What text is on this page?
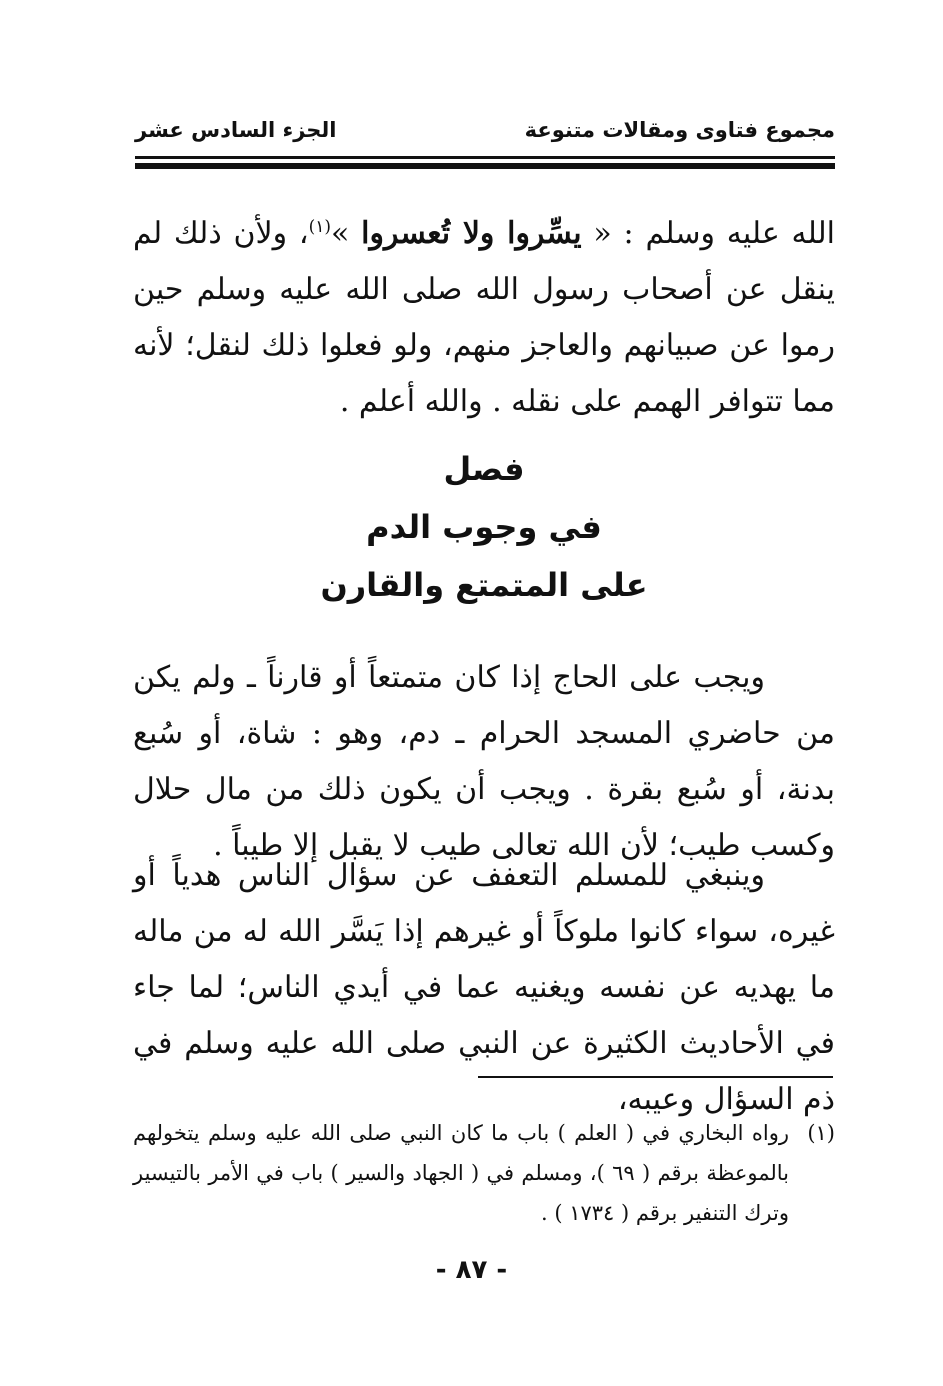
مجموع فتاوى ومقالات متنوعة
الجزء السادس عشر

الله عليه وسلم : « يسِّروا ولا تُعسروا »$^{(١)}$، ولأن ذلك لم ينقل عن أصحاب رسول الله صلى الله عليه وسلم حين رموا عن صبيانهم والعاجز منهم، ولو فعلوا ذلك لنقل؛ لأنه مما تتوافر الهمم على نقله . والله أعلم .

فصل
في وجوب الدم
على المتمتع والقارن

ويجب على الحاج إذا كان متمتعاً أو قارناً ـ ولم يكن من حاضري المسجد الحرام ـ دم، وهو : شاة، أو سُبع بدنة، أو سُبع بقرة . ويجب أن يكون ذلك من مال حلال وكسب طيب؛ لأن الله تعالى طيب لا يقبل إلا طيباً .

وينبغي للمسلم التعفف عن سؤال الناس هدياً أو غيره، سواء كانوا ملوكاً أو غيرهم إذا يَسَّر الله له من ماله ما يهديه عن نفسه ويغنيه عما في أيدي الناس؛ لما جاء في الأحاديث الكثيرة عن النبي صلى الله عليه وسلم في ذم السؤال وعيبه،

(١)
رواه البخاري في ( العلم ) باب ما كان النبي صلى الله عليه وسلم يتخولهم بالموعظة برقم ( ٦٩ )، ومسلم في ( الجهاد والسير ) باب في الأمر بالتيسير وترك التنفير برقم ( ١٧٣٤ ) .
- ٨٧ -
